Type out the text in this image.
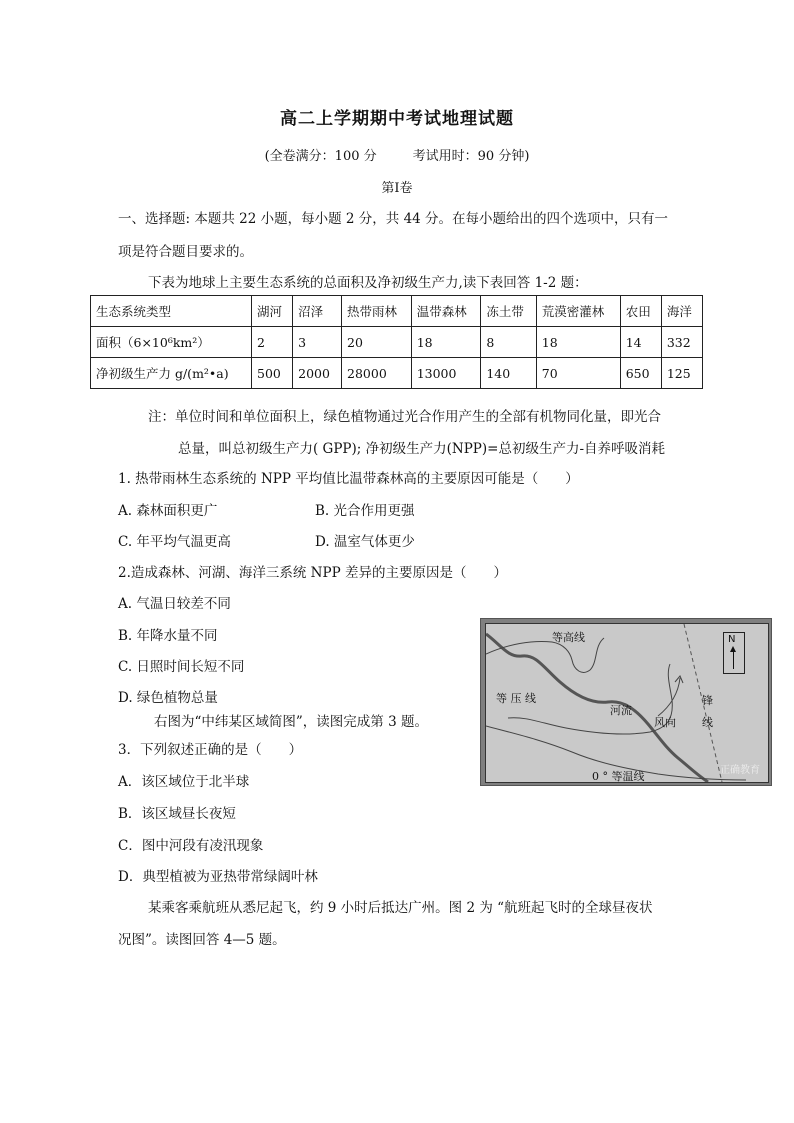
高二上学期期中考试地理试题
(全卷满分：100 分	考试用时：90 分钟)
第Ⅰ卷
一、选择题: 本题共 22 小题，每小题 2 分，共 44 分。在每小题给出的四个选项中，只有一
项是符合题目要求的。
下表为地球上主要生态系统的总面积及净初级生产力,读下表回答 1-2 题：
生态系统类型	湖河	沼泽	热带雨林	温带森林	冻土带	荒漠密灌林	农田	海洋
面积（6×10⁶km²）	2	3	20	18	8	18	14	332
净初级生产力 g/(m²•a)	500	2000	28000	13000	140	70	650	125
注：单位时间和单位面积上，绿色植物通过光合作用产生的全部有机物同化量，即光合
总量，叫总初级生产力( GPP); 净初级生产力(NPP)=总初级生产力-自养呼吸消耗
1. 热带雨林生态系统的 NPP 平均值比温带森林高的主要原因可能是（　　）
A. 森林面积更广	B. 光合作用更强
C. 年平均气温更高	D. 温室气体更少
2.造成森林、河湖、海洋三系统 NPP 差异的主要原因是（　　）
A. 气温日较差不同
B. 年降水量不同
C. 日照时间长短不同
D. 绿色植物总量
右图为“中纬某区域简图”，读图完成第 3 题。
3．下列叙述正确的是（　　）
A．该区域位于北半球
B．该区域昼长夜短
C．图中河段有凌汛现象
D．典型植被为亚热带常绿阔叶林
某乘客乘航班从悉尼起飞，约 9 小时后抵达广州。图 2 为 “航班起飞时的全球昼夜状
况图”。读图回答 4—5 题。
等高线
等 压 线
河流
风向
锋 线
0 ° 等温线
N
正确教育
